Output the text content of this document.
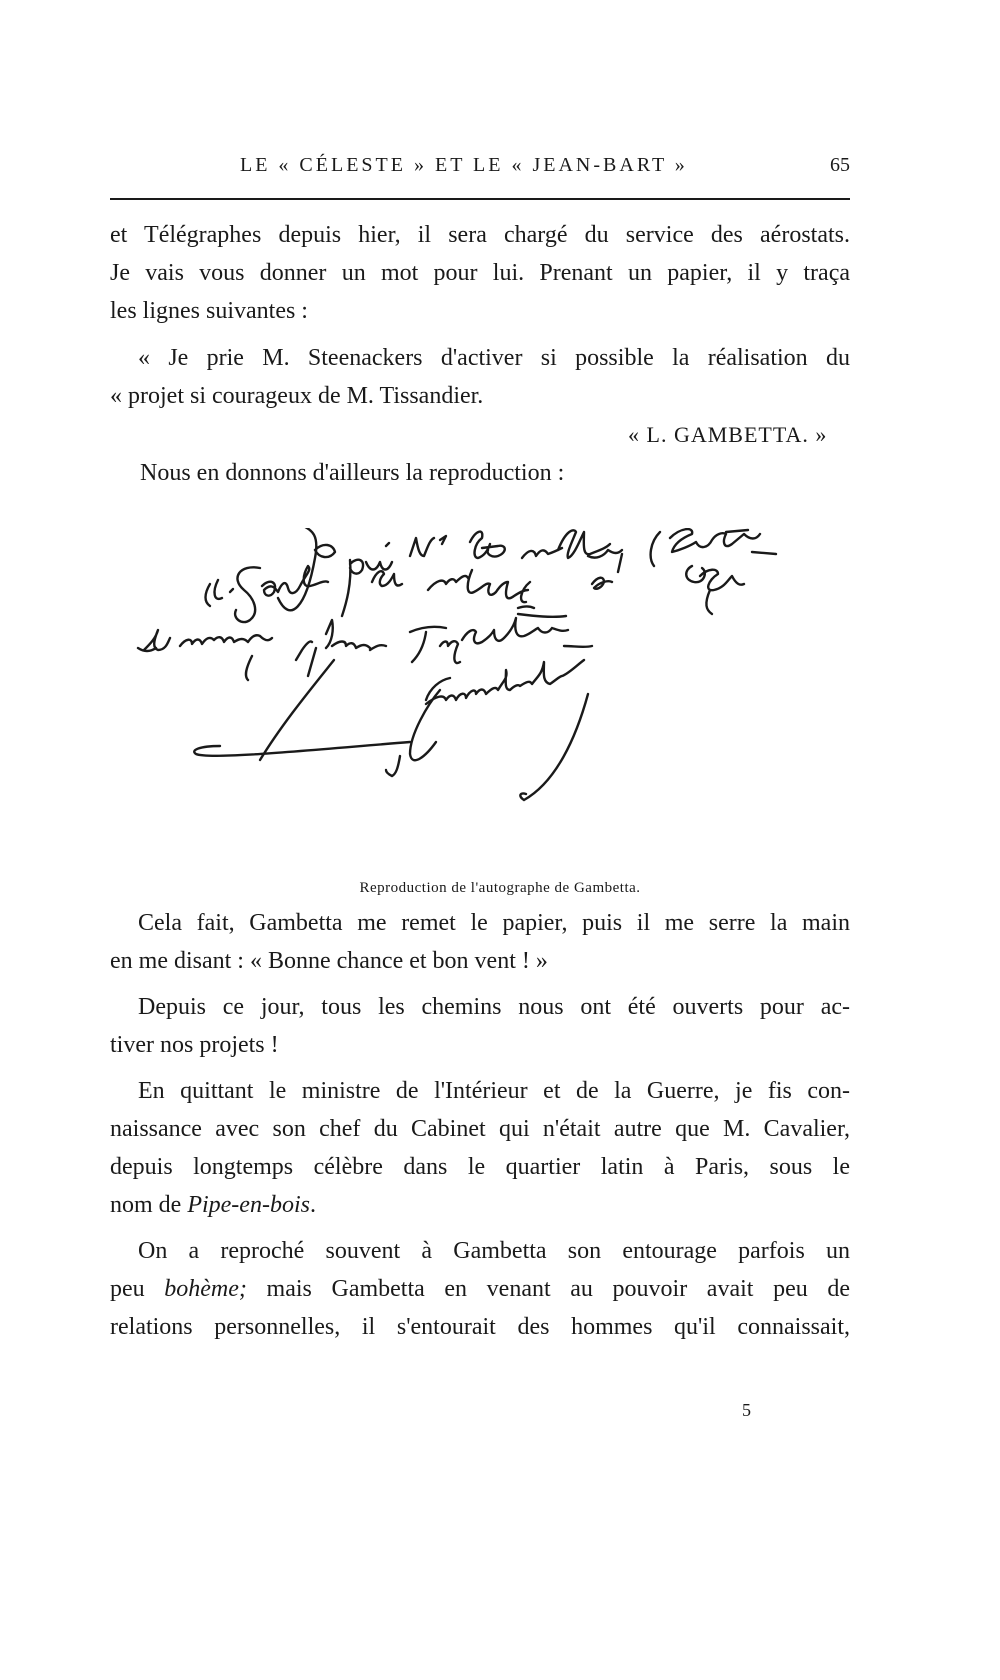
LE « CÉLESTE » ET LE « JEAN-BART »	65
et Télégraphes depuis hier, il sera chargé du service des aérostats.
Je vais vous donner un mot pour lui. Prenant un papier, il y traça
les lignes suivantes :
« Je prie M. Steenackers d'activer si possible la réalisation du
« projet si courageux de M. Tissandier.
« L. GAMBETTA. »
Nous en donnons d'ailleurs la reproduction :
Reproduction de l'autographe de Gambetta.
Cela fait, Gambetta me remet le papier, puis il me serre la main
en me disant : « Bonne chance et bon vent ! »
Depuis ce jour, tous les chemins nous ont été ouverts pour ac-
tiver nos projets !
En quittant le ministre de l'Intérieur et de la Guerre, je fis con-
naissance avec son chef du Cabinet qui n'était autre que M. Cavalier,
depuis longtemps célèbre dans le quartier latin à Paris, sous le
nom de Pipe-en-bois.
On a reproché souvent à Gambetta son entourage parfois un
peu bohème; mais Gambetta en venant au pouvoir avait peu de
relations personnelles, il s'entourait des hommes qu'il connaissait,
5
